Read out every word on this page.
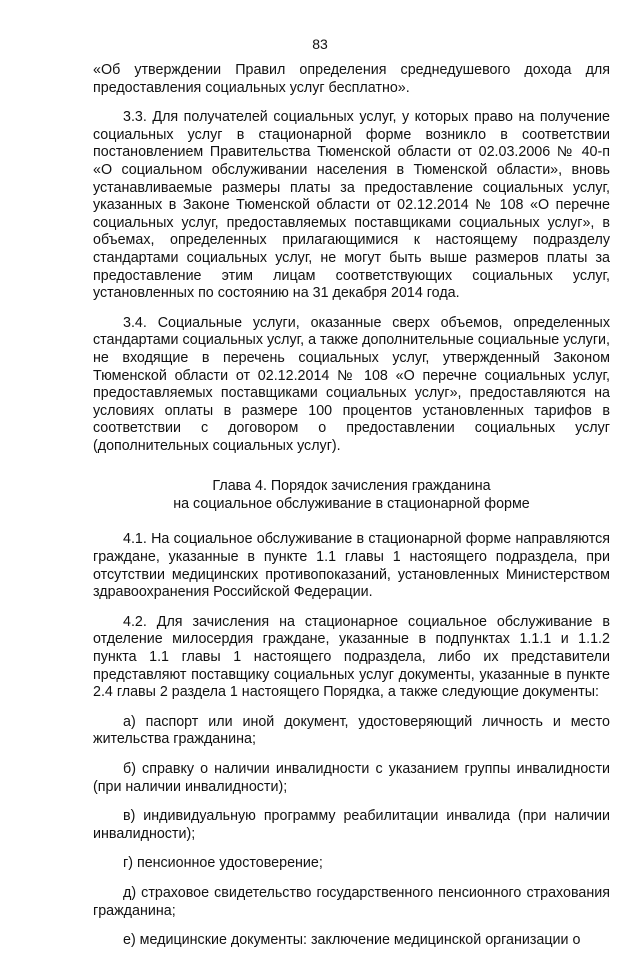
83

«Об утверждении Правил определения среднедушевого дохода для предоставления социальных услуг бесплатно».

3.3. Для получателей социальных услуг, у которых право на получение социальных услуг в стационарной форме возникло в соответствии постановлением Правительства Тюменской области от 02.03.2006 № 40-п «О социальном обслуживании населения в Тюменской области», вновь устанавливаемые размеры платы за предоставление социальных услуг, указанных в Законе Тюменской области от 02.12.2014 № 108 «О перечне социальных услуг, предоставляемых поставщиками социальных услуг», в объемах, определенных прилагающимися к настоящему подразделу стандартами социальных услуг, не могут быть выше размеров платы за предоставление этим лицам соответствующих социальных услуг, установленных по состоянию на 31 декабря 2014 года.

3.4. Социальные услуги, оказанные сверх объемов, определенных стандартами социальных услуг, а также дополнительные социальные услуги, не входящие в перечень социальных услуг, утвержденный Законом Тюменской области от 02.12.2014 № 108 «О перечне социальных услуг, предоставляемых поставщиками социальных услуг», предоставляются на условиях оплаты в размере 100 процентов установленных тарифов в соответствии с договором о предоставлении социальных услуг (дополнительных социальных услуг).

Глава 4. Порядок зачисления гражданина
на социальное обслуживание в стационарной форме

4.1. На социальное обслуживание в стационарной форме направляются граждане, указанные в пункте 1.1 главы 1 настоящего подраздела, при отсутствии медицинских противопоказаний, установленных Министерством здравоохранения Российской Федерации.

4.2. Для зачисления на стационарное социальное обслуживание в отделение милосердия граждане, указанные в подпунктах 1.1.1 и 1.1.2 пункта 1.1 главы 1 настоящего подраздела, либо их представители представляют поставщику социальных услуг документы, указанные в пункте 2.4 главы 2 раздела 1 настоящего Порядка, а также следующие документы:

а) паспорт или иной документ, удостоверяющий личность и место жительства гражданина;

б) справку о наличии инвалидности с указанием группы инвалидности (при наличии инвалидности);

в) индивидуальную программу реабилитации инвалида (при наличии инвалидности);

г) пенсионное удостоверение;

д) страховое свидетельство государственного пенсионного страхования гражданина;

е) медицинские документы: заключение медицинской организации о
